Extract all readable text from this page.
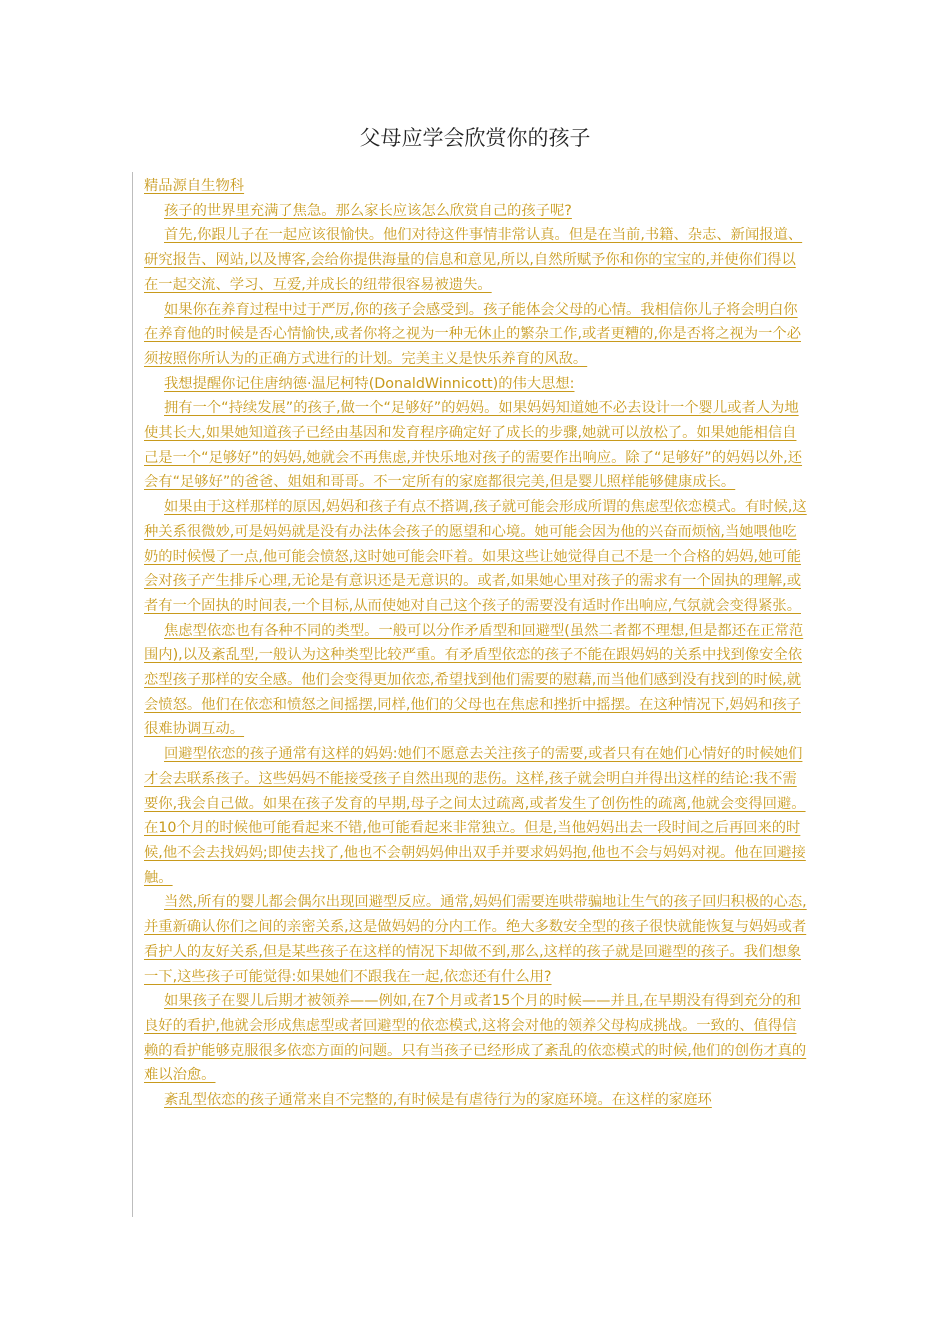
父母应学会欣赏你的孩子

精品源自生物科

孩子的世界里充满了焦急。那么家长应该怎么欣赏自己的孩子呢?

首先,你跟儿子在一起应该很愉快。他们对待这件事情非常认真。但是在当前,书籍、杂志、新闻报道、研究报告、网站,以及博客,会给你提供海量的信息和意见,所以,自然所赋予你和你的宝宝的,并使你们得以在一起交流、学习、互爱,并成长的纽带很容易被遗失。

如果你在养育过程中过于严厉,你的孩子会感受到。孩子能体会父母的心情。我相信你儿子将会明白你在养育他的时候是否心情愉快,或者你将之视为一种无休止的繁杂工作,或者更糟的,你是否将之视为一个必须按照你所认为的正确方式进行的计划。完美主义是快乐养育的风敌。

我想提醒你记住唐纳德·温尼柯特(DonaldWinnicott)的伟大思想:

拥有一个“持续发展”的孩子,做一个“足够好”的妈妈。如果妈妈知道她不必去设计一个婴儿或者人为地使其长大,如果她知道孩子已经由基因和发育程序确定好了成长的步骤,她就可以放松了。如果她能相信自己是一个“足够好”的妈妈,她就会不再焦虑,并快乐地对孩子的需要作出响应。除了“足够好”的妈妈以外,还会有“足够好”的爸爸、姐姐和哥哥。不一定所有的家庭都很完美,但是婴儿照样能够健康成长。

如果由于这样那样的原因,妈妈和孩子有点不搭调,孩子就可能会形成所谓的焦虑型依恋模式。有时候,这种关系很微妙,可是妈妈就是没有办法体会孩子的愿望和心境。她可能会因为他的兴奋而烦恼,当她喂他吃奶的时候慢了一点,他可能会愤怒,这时她可能会吓着。如果这些让她觉得自己不是一个合格的妈妈,她可能会对孩子产生排斥心理,无论是有意识还是无意识的。或者,如果她心里对孩子的需求有一个固执的理解,或者有一个固执的时间表,一个目标,从而使她对自己这个孩子的需要没有适时作出响应,气氛就会变得紧张。

焦虑型依恋也有各种不同的类型。一般可以分作矛盾型和回避型(虽然二者都不理想,但是都还在正常范围内),以及紊乱型,一般认为这种类型比较严重。有矛盾型依恋的孩子不能在跟妈妈的关系中找到像安全依恋型孩子那样的安全感。他们会变得更加依恋,希望找到他们需要的慰藉,而当他们感到没有找到的时候,就会愤怒。他们在依恋和愤怒之间摇摆,同样,他们的父母也在焦虑和挫折中摇摆。在这种情况下,妈妈和孩子很难协调互动。

回避型依恋的孩子通常有这样的妈妈:她们不愿意去关注孩子的需要,或者只有在她们心情好的时候她们才会去联系孩子。这些妈妈不能接受孩子自然出现的悲伤。这样,孩子就会明白并得出这样的结论:我不需要你,我会自己做。如果在孩子发育的早期,母子之间太过疏离,或者发生了创伤性的疏离,他就会变得回避。在10个月的时候他可能看起来不错,他可能看起来非常独立。但是,当他妈妈出去一段时间之后再回来的时候,他不会去找妈妈;即使去找了,他也不会朝妈妈伸出双手并要求妈妈抱,他也不会与妈妈对视。他在回避接触。

当然,所有的婴儿都会偶尔出现回避型反应。通常,妈妈们需要连哄带骗地让生气的孩子回归积极的心态,并重新确认你们之间的亲密关系,这是做妈妈的分内工作。绝大多数安全型的孩子很快就能恢复与妈妈或者看护人的友好关系,但是某些孩子在这样的情况下却做不到,那么,这样的孩子就是回避型的孩子。我们想象一下,这些孩子可能觉得:如果她们不跟我在一起,依恋还有什么用?

如果孩子在婴儿后期才被领养——例如,在7个月或者15个月的时候——并且,在早期没有得到充分的和良好的看护,他就会形成焦虑型或者回避型的依恋模式,这将会对他的领养父母构成挑战。一致的、值得信赖的看护能够克服很多依恋方面的问题。只有当孩子已经形成了紊乱的依恋模式的时候,他们的创伤才真的难以治愈。

紊乱型依恋的孩子通常来自不完整的,有时候是有虐待行为的家庭环境。在这样的家庭环
